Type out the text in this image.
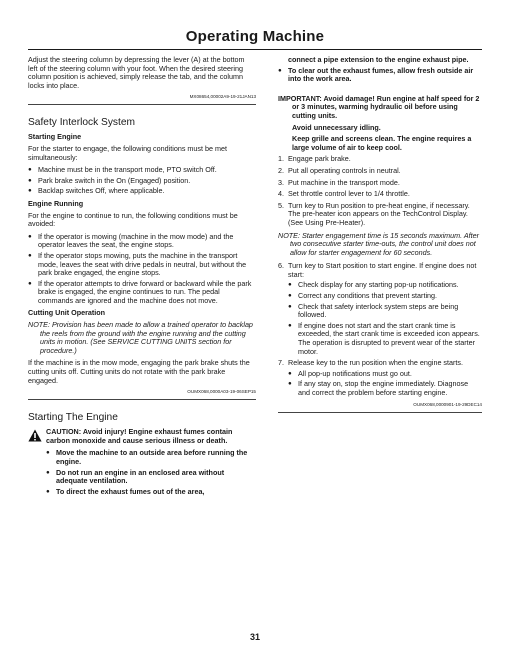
Operating Machine

Adjust the steering column by depressing the lever (A) at the bottom left of the steering column with your foot. When the desired steering column position is achieved, simply release the tab, and the column locks into place.

MX08654,00002A9-19-21JAN13
Safety Interlock System
Starting Engine

For the starter to engage, the following conditions must be met simultaneously:

● Machine must be in the transport mode, PTO switch Off.
● Park brake switch in the On (Engaged) position.
● Backlap switches Off, where applicable.
Engine Running

For the engine to continue to run, the following conditions must be avoided:

● If the operator is mowing (machine in the mow mode) and the operator leaves the seat, the engine stops.
● If the operator stops mowing, puts the machine in the transport mode, leaves the seat with drive pedals in neutral, but without the park brake engaged, the engine stops.
● If the operator attempts to drive forward or backward while the park brake is engaged, the engine continues to run. The pedal commands are ignored and the machine does not move.
Cutting Unit Operation

NOTE: Provision has been made to allow a trained operator to backlap the reels from the ground with the engine running and the cutting units in motion. (See SERVICE CUTTING UNITS section for procedure.)

If the machine is in the mow mode, engaging the park brake shuts the cutting units off. Cutting units do not rotate with the park brake engaged.

OUMX068,0000A03-19-06SEP15
Starting The Engine
CAUTION: Avoid injury! Engine exhaust fumes contain carbon monoxide and cause serious illness or death.
● Move the machine to an outside area before running the engine.
● Do not run an engine in an enclosed area without adequate ventilation.
● To direct the exhaust fumes out of the area,
connect a pipe extension to the engine exhaust pipe.
● To clear out the exhaust fumes, allow fresh outside air into the work area.

IMPORTANT: Avoid damage! Run engine at half speed for 2 or 3 minutes, warming hydraulic oil before using cutting units.

Avoid unnecessary idling.

Keep grille and screens clean. The engine requires a large volume of air to keep cool.

1. Engage park brake.
2. Put all operating controls in neutral.
3. Put machine in the transport mode.
4. Set throttle control lever to 1/4 throttle.
5. Turn key to Run position to pre-heat engine, if necessary. The pre-heater icon appears on the TechControl Display. (See Using Pre-Heater).

NOTE: Starter engagement time is 15 seconds maximum. After two consecutive starter time-outs, the control unit does not allow for starter engagement for 60 seconds.

6. Turn key to Start position to start engine. If engine does not start:
● Check display for any starting pop-up notifications.
● Correct any conditions that prevent starting.
● Check that safety interlock system steps are being followed.
● If engine does not start and the start crank time is exceeded, the start crank time is exceeded icon appears. The operation is disrupted to prevent wear of the starter motor.
7. Release key to the run position when the engine starts.
● All pop-up notifications must go out.
● If any stay on, stop the engine immediately. Diagnose and correct the problem before starting engine.
OUMX068,0000901-19-29DEC14
31
